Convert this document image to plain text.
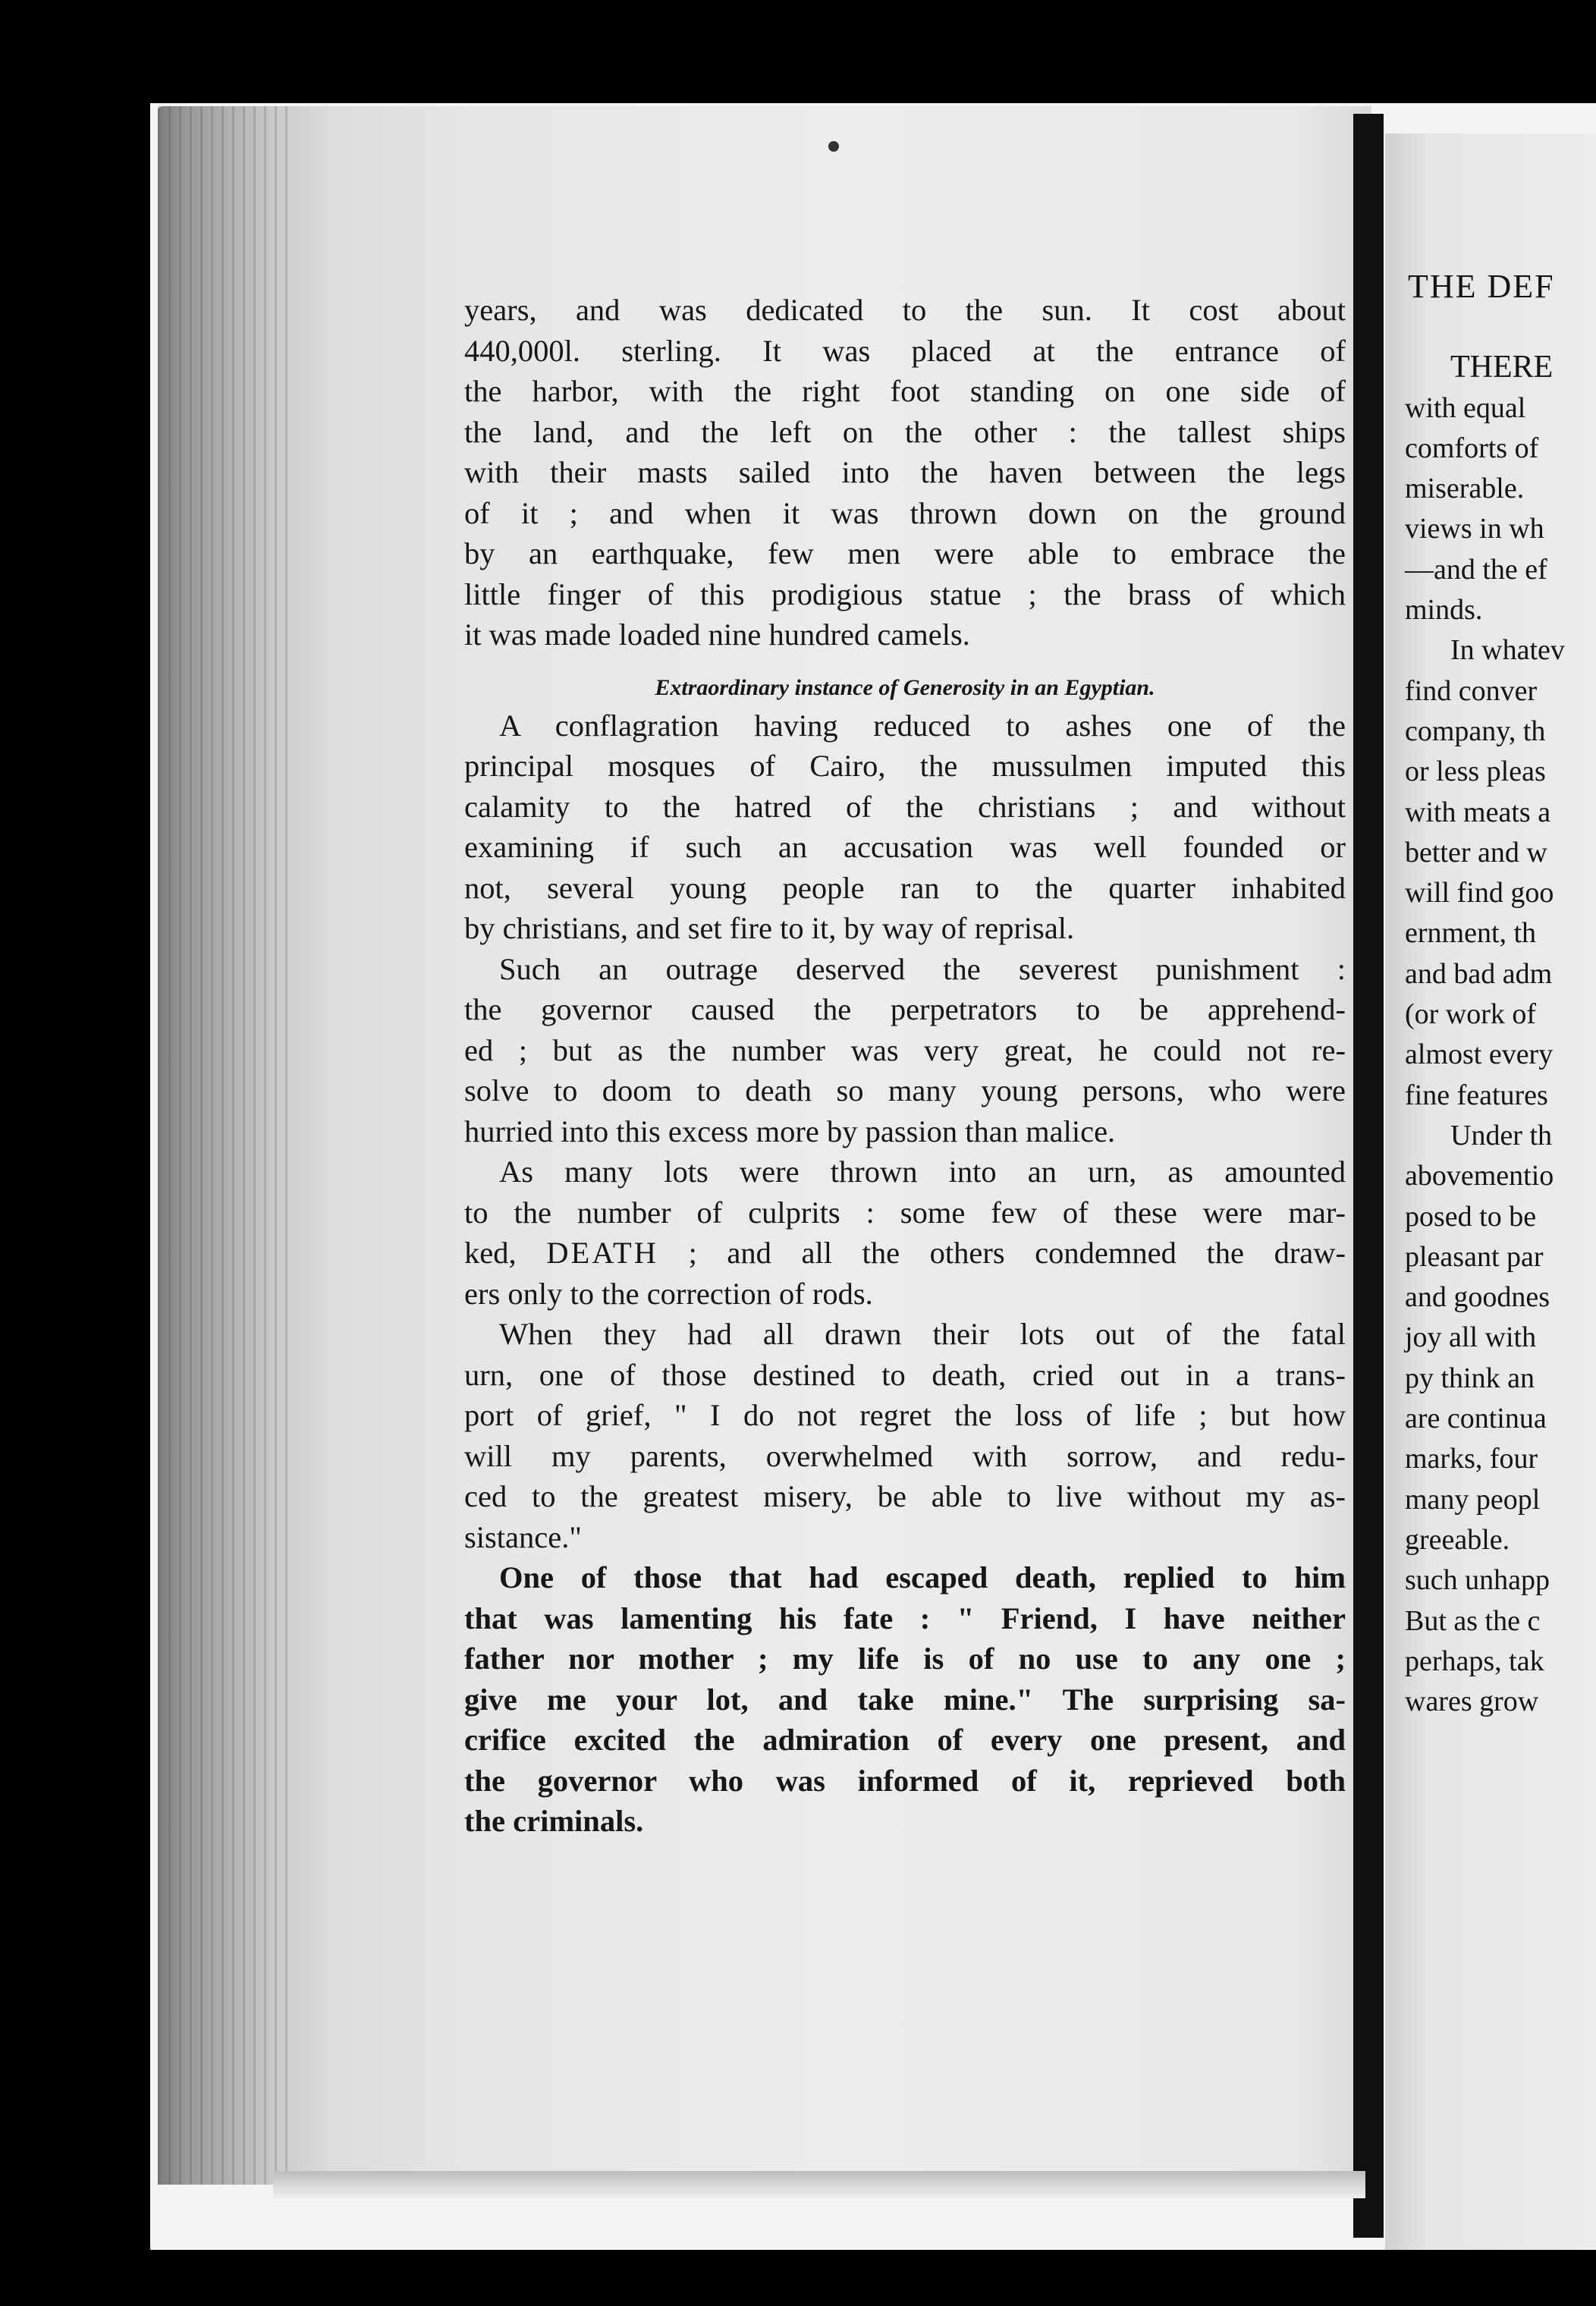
years, and was dedicated to the sun. It cost about
440,000l. sterling. It was placed at the entrance of
the harbor, with the right foot standing on one side of
the land, and the left on the other : the tallest ships
with their masts sailed into the haven between the legs
of it ; and when it was thrown down on the ground
by an earthquake, few men were able to embrace the
little finger of this prodigious statue ; the brass of which
it was made loaded nine hundred camels.
Extraordinary instance of Generosity in an Egyptian.
A conflagration having reduced to ashes one of the
principal mosques of Cairo, the mussulmen imputed this
calamity to the hatred of the christians ; and without
examining if such an accusation was well founded or
not, several young people ran to the quarter inhabited
by christians, and set fire to it, by way of reprisal.
Such an outrage deserved the severest punishment :
the governor caused the perpetrators to be apprehend-
ed ; but as the number was very great, he could not re-
solve to doom to death so many young persons, who were
hurried into this excess more by passion than malice.
As many lots were thrown into an urn, as amounted
to the number of culprits : some few of these were mar-
ked, DEATH ; and all the others condemned the draw-
ers only to the correction of rods.
When they had all drawn their lots out of the fatal
urn, one of those destined to death, cried out in a trans-
port of grief, " I do not regret the loss of life ; but how
will my parents, overwhelmed with sorrow, and redu-
ced to the greatest misery, be able to live without my as-
sistance."
One of those that had escaped death, replied to him
that was lamenting his fate : " Friend, I have neither
father nor mother ; my life is of no use to any one ;
give me your lot, and take mine." The surprising sa-
crifice excited the admiration of every one present, and
the governor who was informed of it, reprieved both
the criminals.
THE DEF
THERE
with equal
comforts of
miserable.
views in wh
—and the ef
minds.
In whatev
find conver
company, th
or less pleas
with meats a
better and w
will find goo
ernment, th
and bad adm
(or work of
almost every
fine features
Under th
abovementio
posed to be
pleasant par
and goodnes
joy all with
py think an
are continua
marks, four
many peopl
greeable.
such unhapp
But as the c
perhaps, tak
wares grow
